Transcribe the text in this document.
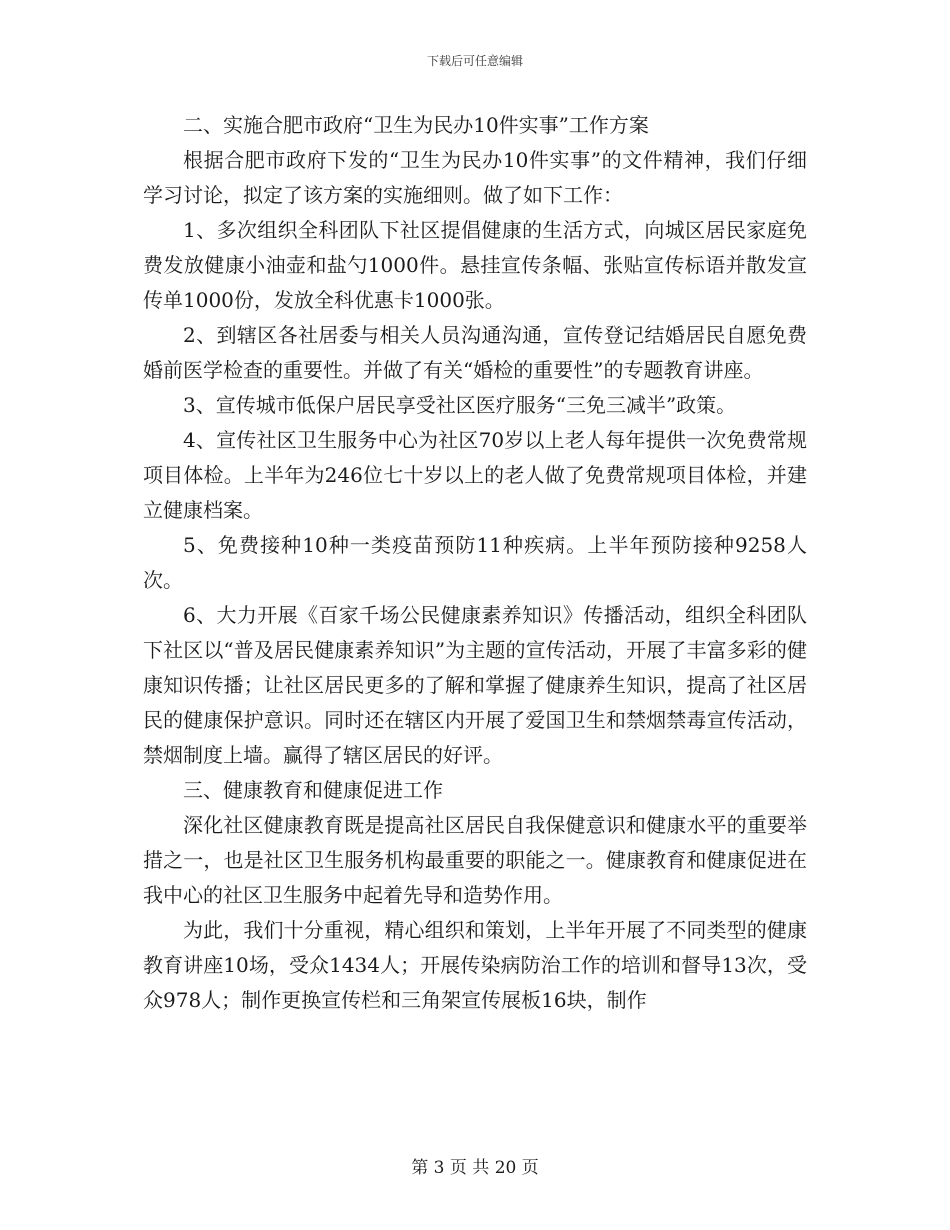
下载后可任意编辑

二、实施合肥市政府“卫生为民办10件实事”工作方案

根据合肥市政府下发的“卫生为民办10件实事”的文件精神，我们仔细学习讨论，拟定了该方案的实施细则。做了如下工作：

1、多次组织全科团队下社区提倡健康的生活方式，向城区居民家庭免费发放健康小油壶和盐勺1000件。悬挂宣传条幅、张贴宣传标语并散发宣传单1000份，发放全科优惠卡1000张。

2、到辖区各社居委与相关人员沟通沟通，宣传登记结婚居民自愿免费婚前医学检查的重要性。并做了有关“婚检的重要性”的专题教育讲座。

3、宣传城市低保户居民享受社区医疗服务“三免三减半”政策。

4、宣传社区卫生服务中心为社区70岁以上老人每年提供一次免费常规项目体检。上半年为246位七十岁以上的老人做了免费常规项目体检，并建立健康档案。

5、免费接种10种一类疫苗预防11种疾病。上半年预防接种9258人次。

6、大力开展《百家千场公民健康素养知识》传播活动，组织全科团队下社区以“普及居民健康素养知识”为主题的宣传活动，开展了丰富多彩的健康知识传播；让社区居民更多的了解和掌握了健康养生知识，提高了社区居民的健康保护意识。同时还在辖区内开展了爱国卫生和禁烟禁毒宣传活动，禁烟制度上墙。赢得了辖区居民的好评。

三、健康教育和健康促进工作

深化社区健康教育既是提高社区居民自我保健意识和健康水平的重要举措之一，也是社区卫生服务机构最重要的职能之一。健康教育和健康促进在我中心的社区卫生服务中起着先导和造势作用。

为此，我们十分重视，精心组织和策划，上半年开展了不同类型的健康教育讲座10场，受众1434人；开展传染病防治工作的培训和督导13次，受众978人；制作更换宣传栏和三角架宣传展板16块，制作

第 3 页 共 20 页
